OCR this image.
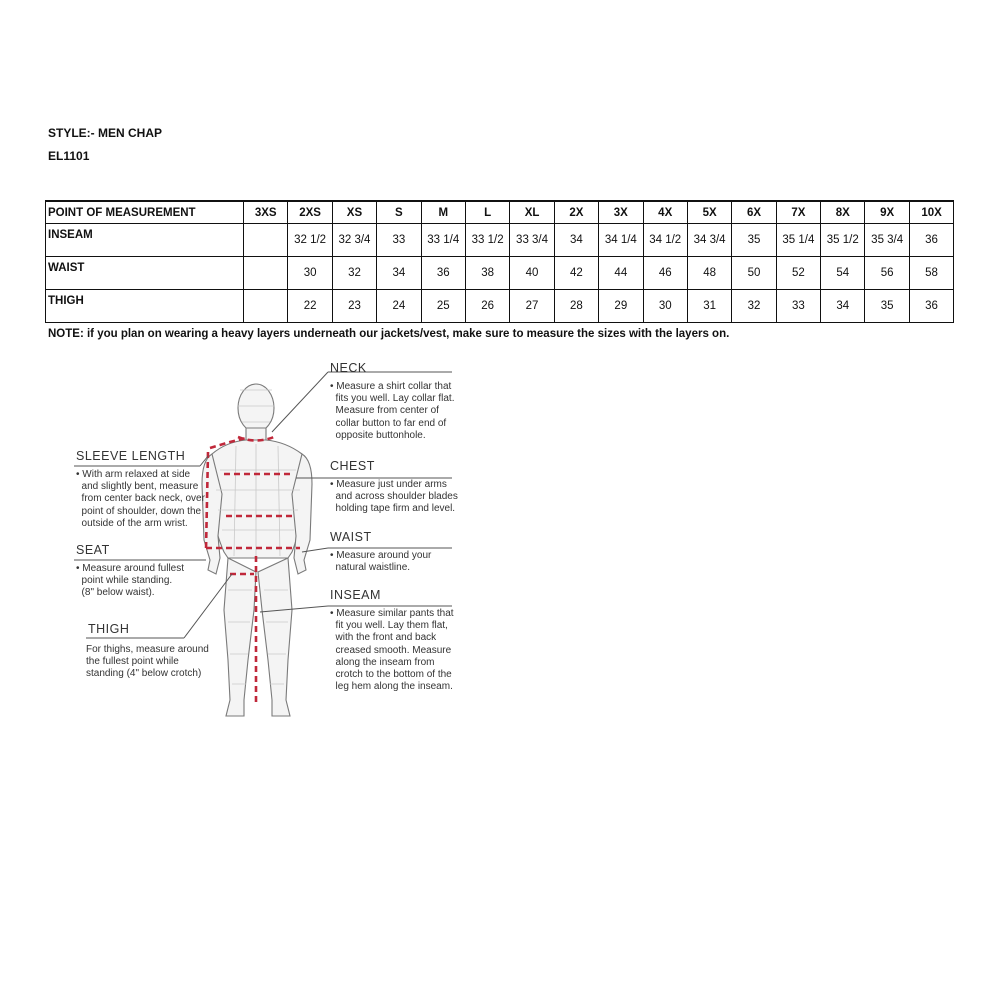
STYLE:- MEN CHAP
EL1101
POINT OF MEASUREMENT	3XS	2XS	XS	S	M	L	XL	2X	3X	4X	5X	6X	7X	8X	9X	10X
INSEAM		32 1/2	32 3/4	33	33 1/4	33 1/2	33 3/4	34	34 1/4	34 1/2	34 3/4	35	35 1/4	35 1/2	35 3/4	36
WAIST		30	32	34	36	38	40	42	44	46	48	50	52	54	56	58
THIGH		22	23	24	25	26	27	28	29	30	31	32	33	34	35	36
NOTE: if you plan on wearing a heavy layers underneath our jackets/vest, make sure to measure the sizes with the layers on.
NECK
• Measure a shirt collar that
fits you well. Lay collar flat.
Measure from center of
collar button to far end of
opposite buttonhole.
CHEST
• Measure just under arms
and across shoulder blades
holding tape firm and level.
WAIST
• Measure around your
natural waistline.
INSEAM
• Measure similar pants that
fit you well. Lay them flat,
with the front and back
creased smooth. Measure
along the inseam from
crotch to the bottom of the
leg hem along the inseam.
SLEEVE LENGTH
• With arm relaxed at side
and slightly bent, measure
from center back neck, over
point of shoulder, down the
outside of the arm wrist.
SEAT
• Measure around fullest
point while standing.
(8" below waist).
THIGH
For thighs, measure around
the fullest point while
standing (4" below crotch)
